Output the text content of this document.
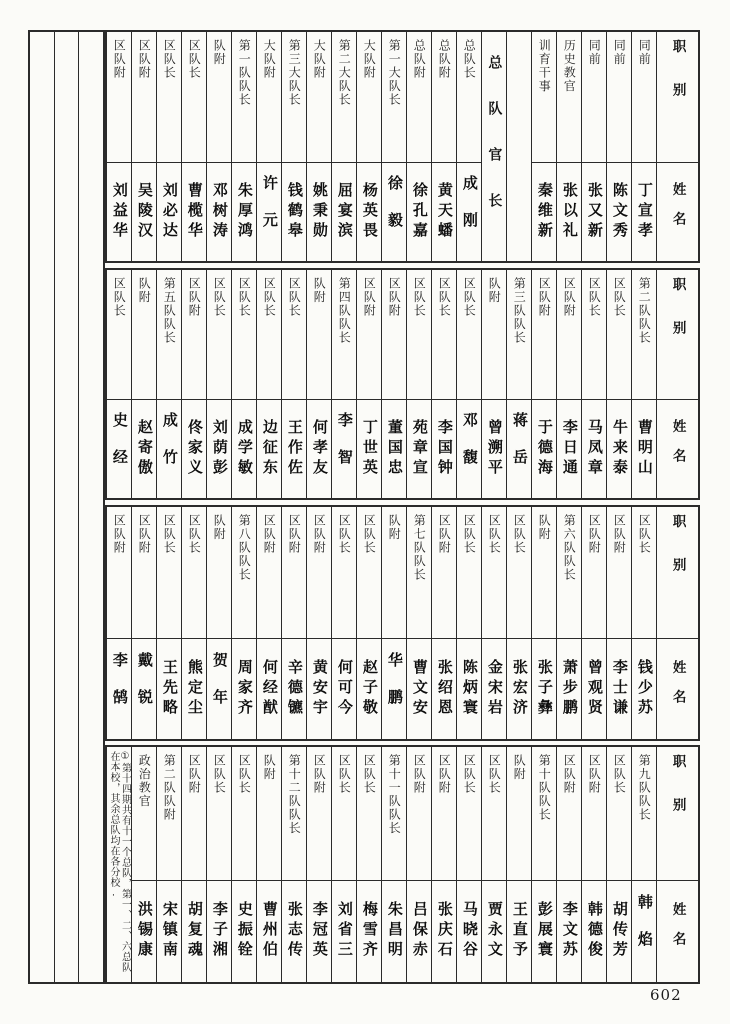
区队附
刘益华
区队附
吴陵汉
区队长
刘必达
区队长
曹榄华
队附
邓树涛
第一队队长
朱厚鸿
大队附
许元
第三大队长
钱鹤皋
大队附
姚秉勋
第二大队长
屈宴滨
大队附
杨英畏
第一大队长
徐毅
总队附
徐孔嘉
总队附
黄天蟠
总队长
成刚 总队官长	训育干事
秦维新
历史教官
张以礼
同前
张又新
同前
陈文秀
同前
丁宣孝
职别
姓名
区队长
史经
队附
赵寄傲
第五队队长
成竹
区队附
佟家义
区队长
刘荫彭
区队长
成学敏
区队长
边征东
区队长
王作佐
队附
何孝友
第四队队长
李智
区队附
丁世英
区队附
董国忠
区队长
苑章宣
区队长
李国钟
区队长
邓馥
队附
曾溯平
第三队队长
蒋岳
区队附
于德海
区队附
李日通
区队长
马凤章
区队长
牛来泰
第二队队长
曹明山
职别
姓名
区队附
李鹄
区队附
戴锐
区队长
王先略
区队长
熊定尘
队附
贺年
第八队队长
周家齐
区队附
何经猷
区队附
辛德镳
区队附
黄安宇
区队长
何可今
区队长
赵子敬
队附
华鹏
第七队队长
曹文安
区队附
张绍恩
区队长
陈炳寰
区队长
金宋岩
区队长
张宏济
队附
张子彝
第六队队长
萧步鹏
区队附
曾观贤
区队附
李士谦
区队长
钱少苏
职别
姓名
①第十四期共有十一个总队，第一、二、六总队在本校，其余总队均在各分校.	政治教官
洪锡康
第二队队附
宋镇南
区队附
胡复魂
区队长
李子湘
区队长
史振铨
队附
曹州伯
第十二队队长
张志传
区队附
李冠英
区队长
刘省三
区队长
梅雪齐
第十一队队长
朱昌明
区队附
吕保赤
区队附
张庆石
区队长
马晓谷
区队长
贾永文
队附
王直予
第十队队长
彭展寰
区队附
李文苏
区队附
韩德俊
区队长
胡传芳
第九队队长
韩焰
职别
姓名
602
